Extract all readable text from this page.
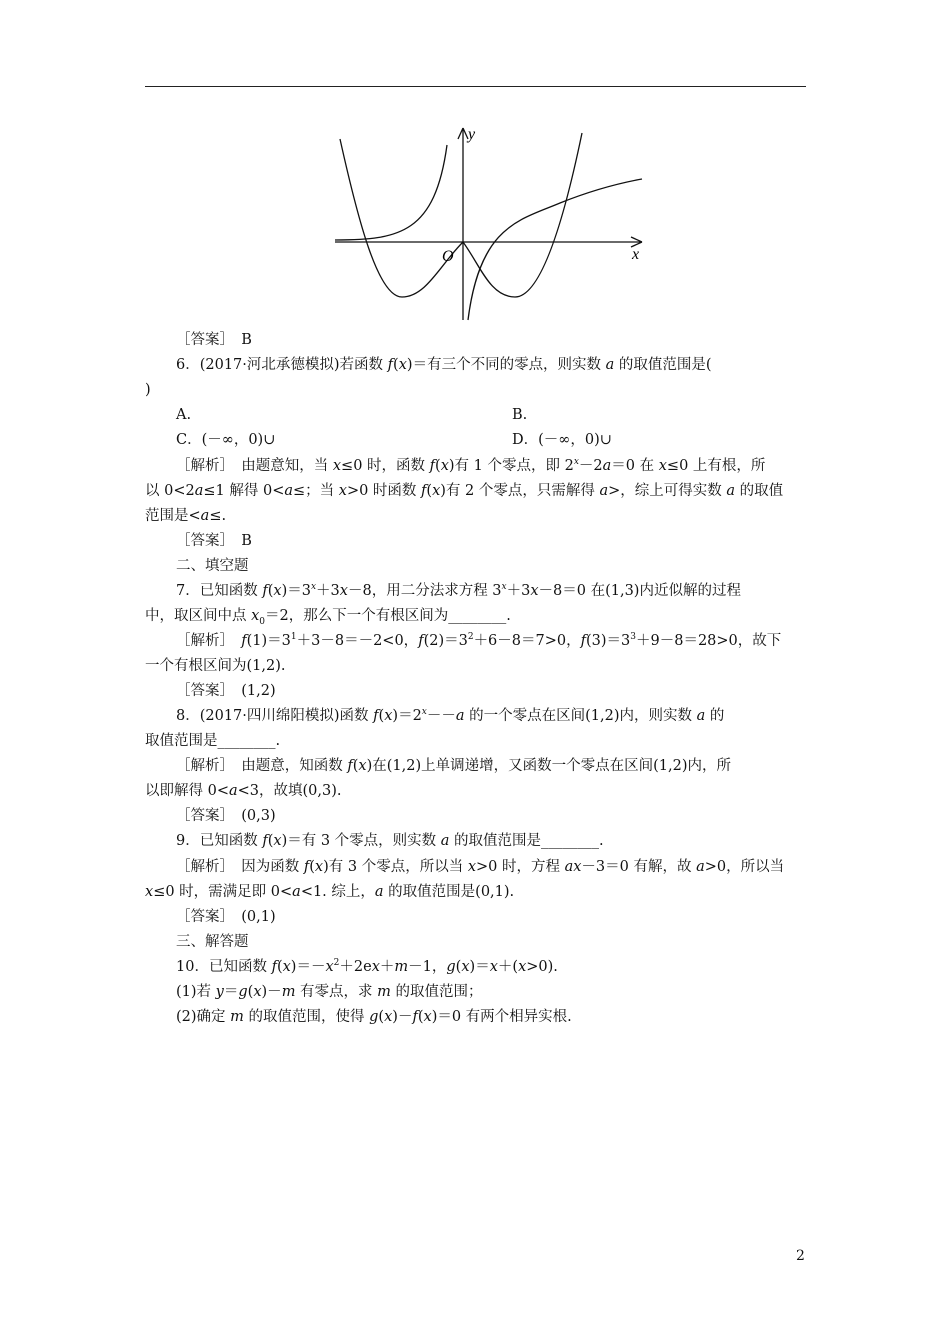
y
x
O
［答案］　B
6．(2017·河北承德模拟)若函数 f(x)＝有三个不同的零点，则实数 a 的取值范围是(
)
A.
C．(－∞，0)∪
［解析］　由题意知，当 x≤0 时，函数 f(x)有 1 个零点，即 $2^x-2a=0$ 在 x≤0 上有根，所
以 0<2a≤1 解得 0<a≤；当 x>0 时函数 f(x)有 2 个零点，只需解得 a>，综上可得实数 a 的取值
范围是<a≤.
［答案］　B
二、填空题
7．已知函数 $f(x)=3^x+3x-8$，用二分法求方程 $3^x+3x-8=0$ 在(1,3)内近似解的过程
中，取区间中点 $x_0=2$，那么下一个有根区间为________.
［解析］　$f(1)=3^1+3-8=-2<0$，$f(2)=3^2+6-8=7>0$，$f(3)=3^3+9-8=28>0$，故下
一个有根区间为(1,2).
［答案］　(1,2)
8．(2017·四川绵阳模拟)函数 $f(x)=2^x--a$ 的一个零点在区间(1,2)内，则实数 a 的
取值范围是________.
［解析］　由题意，知函数 f(x)在(1,2)上单调递增，又函数一个零点在区间(1,2)内，所
以即解得 0<a<3，故填(0,3).
［答案］　(0,3)
9．已知函数 f(x)＝有 3 个零点，则实数 a 的取值范围是________.
［解析］　因为函数 f(x)有 3 个零点，所以当 x>0 时，方程 ax－3＝0 有解，故 a>0，所以当
x≤0 时，需满足即 0<a<1. 综上，a 的取值范围是(0,1).
［答案］　(0,1)
三、解答题
10．已知函数 $f(x)=-x^2+2ex+m-1$，g(x)＝x＋(x>0).
(1)若 y＝g(x)－m 有零点，求 m 的取值范围；
(2)确定 m 的取值范围，使得 g(x)－f(x)＝0 有两个相异实根.
B.
D．(－∞，0)∪
2
